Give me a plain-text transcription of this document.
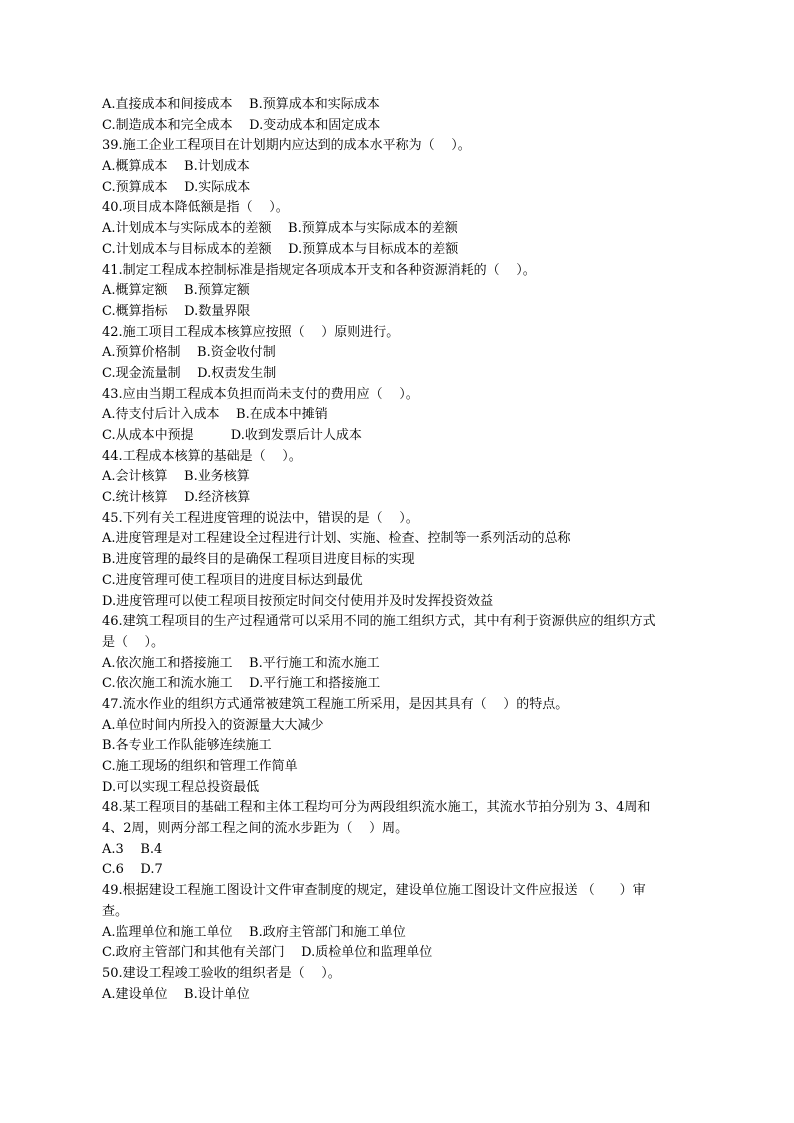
A.直接成本和间接成本    B.预算成本和实际成本
C.制造成本和完全成本    D.变动成本和固定成本
39.施工企业工程项目在计划期内应达到的成本水平称为（    ）。
A.概算成本    B.计划成本
C.预算成本    D.实际成本
40.项目成本降低额是指（    ）。
A.计划成本与实际成本的差额    B.预算成本与实际成本的差额
C.计划成本与目标成本的差额    D.预算成本与目标成本的差额
41.制定工程成本控制标准是指规定各项成本开支和各种资源消耗的（    ）。
A.概算定额    B.预算定额
C.概算指标    D.数量界限
42.施工项目工程成本核算应按照（    ）原则进行。
A.预算价格制    B.资金收付制
C.现金流量制    D.权责发生制
43.应由当期工程成本负担而尚未支付的费用应（    ）。
A.待支付后计入成本    B.在成本中摊销
C.从成本中预提         D.收到发票后计人成本
44.工程成本核算的基础是（    ）。
A.会计核算    B.业务核算
C.统计核算    D.经济核算
45.下列有关工程进度管理的说法中，错误的是（    ）。
A.进度管理是对工程建设全过程进行计划、实施、检查、控制等一系列活动的总称
B.进度管理的最终目的是确保工程项目进度目标的实现
C.进度管理可使工程项目的进度目标达到最优
D.进度管理可以使工程项目按预定时间交付使用并及时发挥投资效益
46.建筑工程项目的生产过程通常可以采用不同的施工组织方式，其中有利于资源供应的组织方式
是（    ）。
A.依次施工和搭接施工    B.平行施工和流水施工
C.依次施工和流水施工    D.平行施工和搭接施工
47.流水作业的组织方式通常被建筑工程施工所采用，是因其具有（    ）的特点。
A.单位时间内所投入的资源量大大减少
B.各专业工作队能够连续施工
C.施工现场的组织和管理工作简单
D.可以实现工程总投资最低
48.某工程项目的基础工程和主体工程均可分为两段组织流水施工，其流水节拍分别为 3、4周和
4、2周，则两分部工程之间的流水步距为（    ）周。
A.3    B.4
C.6    D.7
49.根据建设工程施工图设计文件审查制度的规定，建设单位施工图设计文件应报送 （      ）审
查。
A.监理单位和施工单位    B.政府主管部门和施工单位
C.政府主管部门和其他有关部门    D.质检单位和监理单位
50.建设工程竣工验收的组织者是（    ）。
A.建设单位    B.设计单位
